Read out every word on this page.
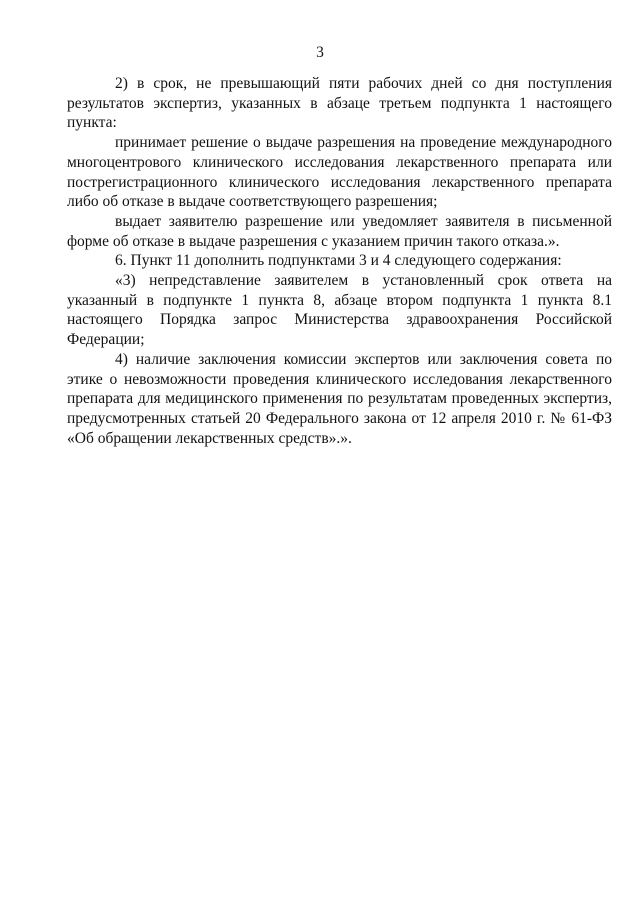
3

2) в срок, не превышающий пяти рабочих дней со дня поступления результатов экспертиз, указанных в абзаце третьем подпункта 1 настоящего пункта:

принимает решение о выдаче разрешения на проведение международного многоцентрового клинического исследования лекарственного препарата или пострегистрационного клинического исследования лекарственного препарата либо об отказе в выдаче соответствующего разрешения;

выдает заявителю разрешение или уведомляет заявителя в письменной форме об отказе в выдаче разрешения с указанием причин такого отказа.».

6. Пункт 11 дополнить подпунктами 3 и 4 следующего содержания:

«3) непредставление заявителем в установленный срок ответа на указанный в подпункте 1 пункта 8, абзаце втором подпункта 1 пункта 8.1 настоящего Порядка запрос Министерства здравоохранения Российской Федерации;

4) наличие заключения комиссии экспертов или заключения совета по этике о невозможности проведения клинического исследования лекарственного препарата для медицинского применения по результатам проведенных экспертиз, предусмотренных статьей 20 Федерального закона от 12 апреля 2010 г. № 61-ФЗ «Об обращении лекарственных средств».».
